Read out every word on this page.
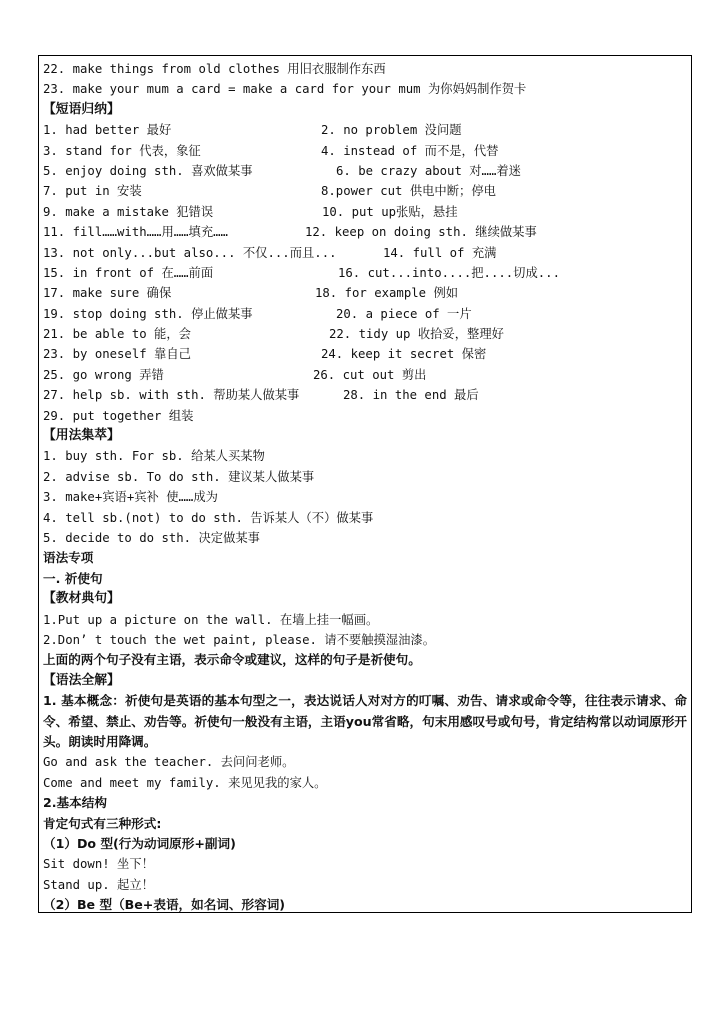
22. make things from old clothes 用旧衣服制作东西
23. make your mum a card = make a card for your mum 为你妈妈制作贺卡
【短语归纳】
1. had better 最好	2. no problem 没问题
3. stand for 代表，象征	4. instead of 而不是，代替
5. enjoy doing sth. 喜欢做某事	6. be crazy about 对……着迷
7. put in 安装	8.power cut 供电中断；停电
9. make a mistake 犯错误	10. put up张贴，悬挂
11. fill……with……用……填充……	12. keep on doing sth. 继续做某事
13. not only...but also... 不仅...而且...	14. full of 充满
15. in front of 在……前面	16. cut...into....把....切成...
17. make sure 确保	18. for example 例如
19. stop doing sth. 停止做某事	20. a piece of 一片
21. be able to 能，会	22. tidy up 收拾妥，整理好
23. by oneself 靠自己	24. keep it secret 保密
25. go wrong 弄错	26. cut out 剪出
27. help sb. with sth. 帮助某人做某事	28. in the end 最后
29. put together 组装
【用法集萃】
1. buy sth. For sb. 给某人买某物
2. advise sb. To do sth. 建议某人做某事
3. make+宾语+宾补 使……成为
4. tell sb.(not) to do sth. 告诉某人（不）做某事
5. decide to do sth. 决定做某事
语法专项
一. 祈使句
【教材典句】
1.Put up a picture on the wall. 在墙上挂一幅画。
2.Don’ t touch the wet paint, please. 请不要触摸湿油漆。
上面的两个句子没有主语，表示命令或建议，这样的句子是祈使句。
【语法全解】
1. 基本概念：祈使句是英语的基本句型之一，表达说话人对对方的叮嘱、劝告、请求或命令等，往往表示请求、命令、希望、禁止、劝告等。祈使句一般没有主语，主语you常省略，句末用感叹号或句号，肯定结构常以动词原形开头。朗读时用降调。
Go and ask the teacher. 去问问老师。
Come and meet my family. 来见见我的家人。
2.基本结构
肯定句式有三种形式:
（1）Do 型(行为动词原形+副词)
Sit down! 坐下！
Stand up. 起立！
（2）Be 型（Be+表语，如名词、形容词)
